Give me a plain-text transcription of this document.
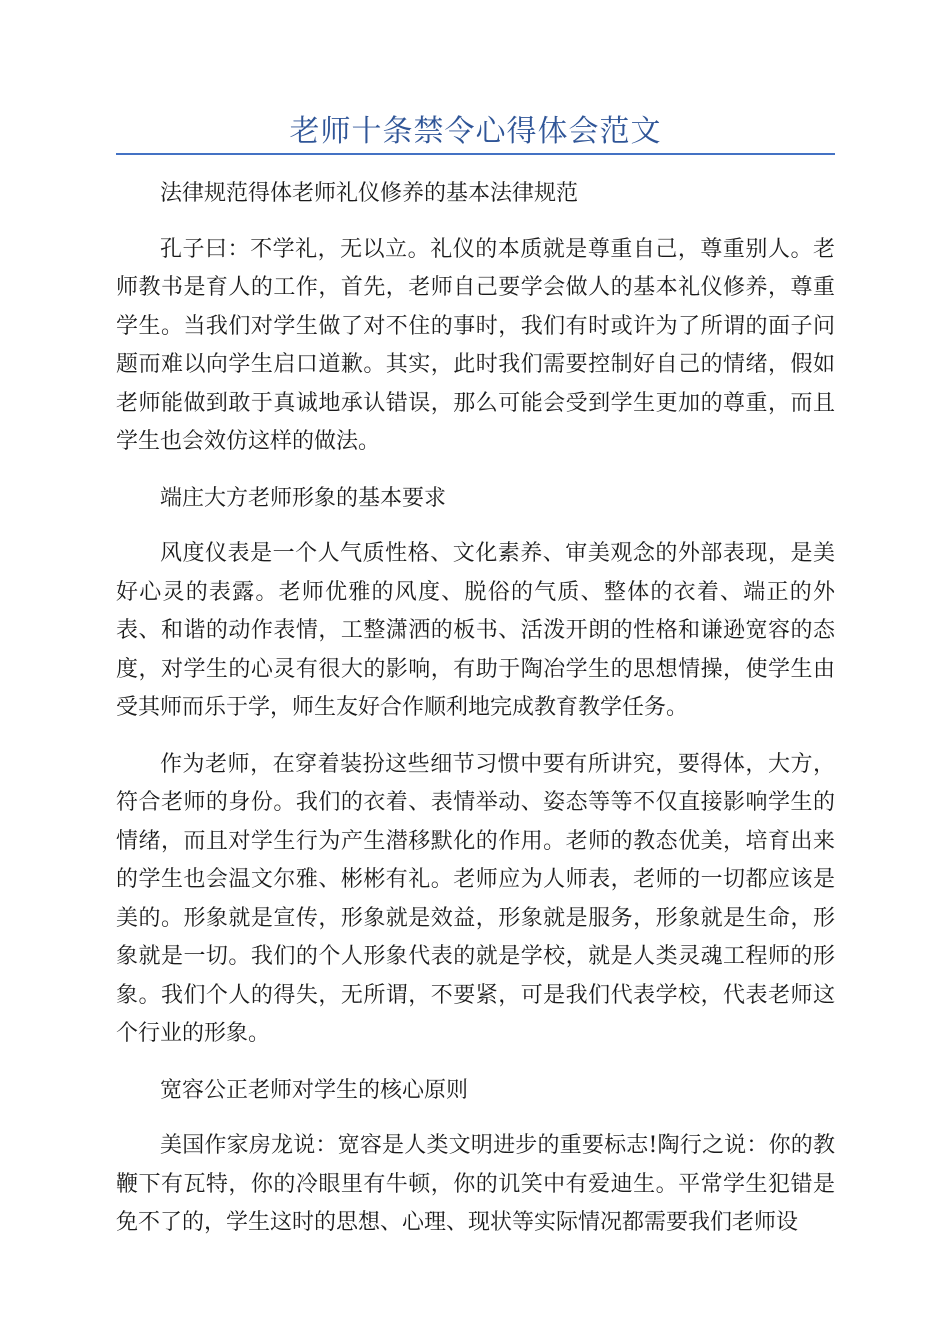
老师十条禁令心得体会范文

法律规范得体老师礼仪修养的基本法律规范

孔子曰：不学礼，无以立。礼仪的本质就是尊重自己，尊重别人。老师教书是育人的工作，首先，老师自己要学会做人的基本礼仪修养，尊重学生。当我们对学生做了对不住的事时，我们有时或许为了所谓的面子问题而难以向学生启口道歉。其实，此时我们需要控制好自己的情绪，假如老师能做到敢于真诚地承认错误，那么可能会受到学生更加的尊重，而且学生也会效仿这样的做法。

端庄大方老师形象的基本要求

风度仪表是一个人气质性格、文化素养、审美观念的外部表现，是美好心灵的表露。老师优雅的风度、脱俗的气质、整体的衣着、端正的外表、和谐的动作表情，工整潇洒的板书、活泼开朗的性格和谦逊宽容的态度，对学生的心灵有很大的影响，有助于陶冶学生的思想情操，使学生由受其师而乐于学，师生友好合作顺利地完成教育教学任务。

作为老师，在穿着装扮这些细节习惯中要有所讲究，要得体，大方，符合老师的身份。我们的衣着、表情举动、姿态等等不仅直接影响学生的情绪，而且对学生行为产生潜移默化的作用。老师的教态优美，培育出来的学生也会温文尔雅、彬彬有礼。老师应为人师表，老师的一切都应该是美的。形象就是宣传，形象就是效益，形象就是服务，形象就是生命，形象就是一切。我们的个人形象代表的就是学校，就是人类灵魂工程师的形象。我们个人的得失，无所谓，不要紧，可是我们代表学校，代表老师这个行业的形象。

宽容公正老师对学生的核心原则

美国作家房龙说：宽容是人类文明进步的重要标志!陶行之说：你的教鞭下有瓦特，你的冷眼里有牛顿，你的讥笑中有爱迪生。平常学生犯错是免不了的，学生这时的思想、心理、现状等实际情况都需要我们老师设
